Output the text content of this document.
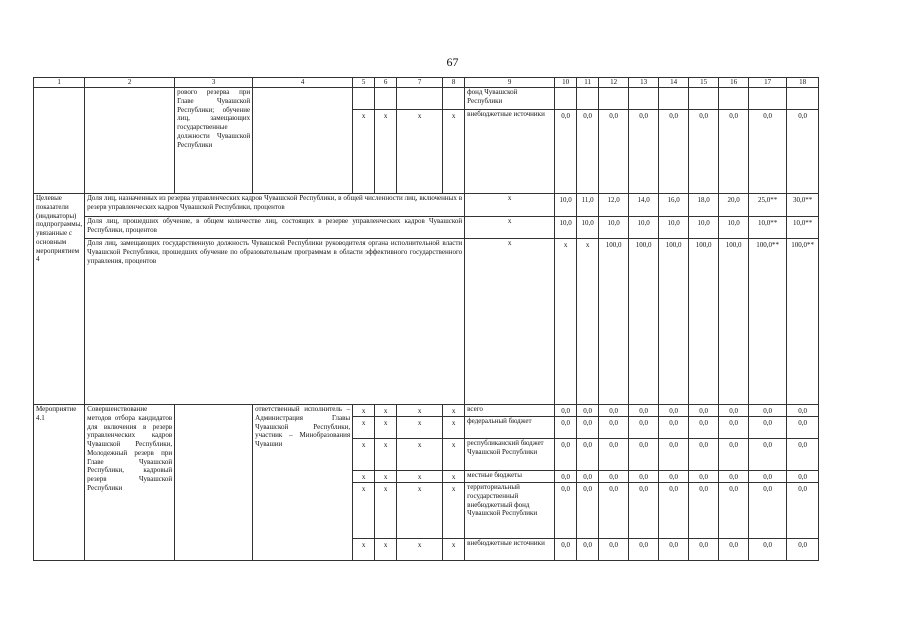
67
1	2	3	4	5	6	7	8	9	10	11	12	13	14	15	16	17	18
		рового резерва при Главе Чувашской Республики; обучение лиц, замещающих государственные должности Чувашской Республики						фонд Чувашской Республики									
				х	х	х	х	внебюджетные источники	0,0	0,0	0,0	0,0	0,0	0,0	0,0	0,0	0,0
Целевые показатели (индикаторы) подпрограммы, увязанные с основным мероприятием 4	Доля лиц, назначенных из резерва управленческих кадров Чувашской Республики, в общей численности лиц, включенных в резерв управленческих кадров Чувашской Республики, процентов							х	10,0	11,0	12,0	14,0	16,0	18,0	20,0	25,0**	30,0**
	Доля лиц, прошедших обучение, в общем количестве лиц, состоящих в резерве управленческих кадров Чувашской Республики, процентов							х	10,0	10,0	10,0	10,0	10,0	10,0	10,0	10,0**	10,0**
	Доля лиц, замещающих государственную должность Чувашской Республики руководителя органа исполнительной власти Чувашской Республики, прошедших обучение по образовательным программам в области эффективного государственного управления, процентов							х	х	х	100,0	100,0	100,0	100,0	100,0	100,0**	100,0**
Мероприятие 4.1	Совершенствование методов отбора кандидатов для включения в резерв управленческих кадров Чувашской Республики, Молодежный резерв при Главе Чувашской Республики, кадровый резерв Чувашской Республики		ответственный исполнитель – Администрация Главы Чувашской Республики, участник – Минобразования Чувашии	х	х	х	х	всего	0,0	0,0	0,0	0,0	0,0	0,0	0,0	0,0	0,0
				х	х	х	х	федеральный бюджет	0,0	0,0	0,0	0,0	0,0	0,0	0,0	0,0	0,0
				х	х	х	х	республиканский бюджет Чувашской Республики	0,0	0,0	0,0	0,0	0,0	0,0	0,0	0,0	0,0
				х	х	х	х	местные бюджеты	0,0	0,0	0,0	0,0	0,0	0,0	0,0	0,0	0,0
				х	х	х	х	территориальный государственный внебюджетный фонд Чувашской Республики	0,0	0,0	0,0	0,0	0,0	0,0	0,0	0,0	0,0
				х	х	х	х	внебюджетные источники	0,0	0,0	0,0	0,0	0,0	0,0	0,0	0,0	0,0
